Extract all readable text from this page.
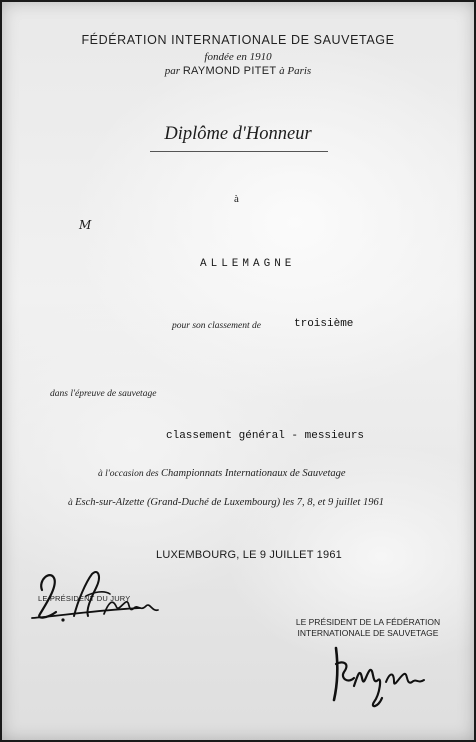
FÉDÉRATION INTERNATIONALE DE SAUVETAGE
fondée en 1910
par RAYMOND PITET à Paris
Diplôme d'Honneur
à
M
ALLEMAGNE
pour son classement de	troisième
dans l'épreuve de sauvetage
classement général - messieurs
à l'occasion des Championnats Internationaux de Sauvetage
à Esch-sur-Alzette (Grand-Duché de Luxembourg) les 7, 8, et 9 juillet 1961
LUXEMBOURG, LE 9 JUILLET 1961
LE PRÉSIDENT DU JURY
LE PRÉSIDENT DE LA FÉDÉRATION INTERNATIONALE DE SAUVETAGE
